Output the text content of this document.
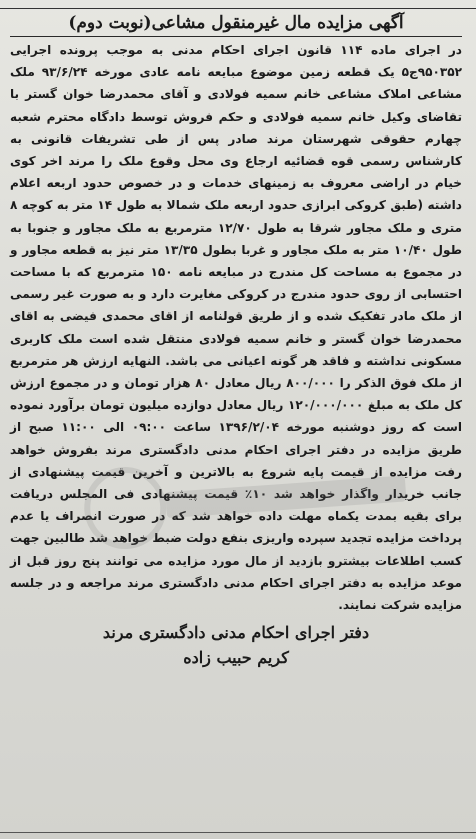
آگهی مزایده مال غیرمنقول مشاعی(نوبت دوم)
در اجرای ماده ۱۱۴ قانون اجرای احکام مدنی به موجب پرونده اجرایی ۹۵۰۳۵۲ج۵ یک قطعه زمین موضوع مبایعه نامه عادی مورخه ۹۳/۶/۲۴ ملک مشاعی املاک مشاعی خانم سمیه فولادی و آقای محمدرضا خوان گستر با تقاضای وکیل خانم سمیه فولادی و حکم فروش توسط دادگاه محترم شعبه چهارم حقوقی شهرستان مرند صادر پس از طی تشریفات قانونی به کارشناس رسمی قوه قضائیه ارجاع وی محل وقوع ملک را مرند اخر کوی خیام در اراضی معروف به زمینهای خدمات و در خصوص حدود اربعه اعلام داشته (طبق کروکی ابرازی حدود اربعه ملک شمالا به طول ۱۴ متر به کوچه ۸ متری و ملک مجاور شرقا به طول ۱۲/۷۰ مترمربع به ملک مجاور و جنوبا به طول ۱۰/۴۰ متر به ملک مجاور و غربا بطول ۱۳/۳۵ متر نیز به قطعه مجاور و در مجموع به مساحت کل مندرج در مبایعه نامه ۱۵۰ مترمربع که با مساحت احتسابی از روی حدود مندرج در کروکی مغایرت دارد و به صورت غیر رسمی از ملک مادر تفکیک شده و از طریق قولنامه از اقای محمدی فیضی به اقای محمدرضا خوان گستر و خانم سمیه فولادی منتقل شده است ملک کاربری مسکونی نداشته و فاقد هر گونه اعیانی می باشد. النهایه ارزش هر مترمربع از ملک فوق الذکر را ۸۰۰/۰۰۰ ریال معادل ۸۰ هزار تومان و در مجموع ارزش کل ملک به مبلغ ۱۲۰/۰۰۰/۰۰۰ ریال معادل دوازده میلیون تومان برآورد نموده است که روز دوشنبه مورخه ۱۳۹۶/۲/۰۴ ساعت ۰۹:۰۰ الی ۱۱:۰۰ صبح از طریق مزایده در دفتر اجرای احکام مدنی دادگستری مرند بفروش خواهد رفت مزایده از قیمت پایه شروع به بالاترین و آخرین قیمت پیشنهادی از جانب خریدار واگذار خواهد شد ۱۰٪ قیمت پیشنهادی فی المجلس دریافت برای بقیه بمدت یکماه مهلت داده خواهد شد که در صورت انصراف یا عدم پرداخت مزایده تجدید سپرده واریزی بنفع دولت ضبط خواهد شد طالبین جهت کسب اطلاعات بیشترو بازدید از مال مورد مزایده می توانند پنج روز قبل از موعد مزایده به دفتر اجرای احکام مدنی دادگستری مرند مراجعه و در جلسه مزایده شرکت نمایند.
دفتر اجرای احکام مدنی دادگستری مرند
کریم حبیب زاده
